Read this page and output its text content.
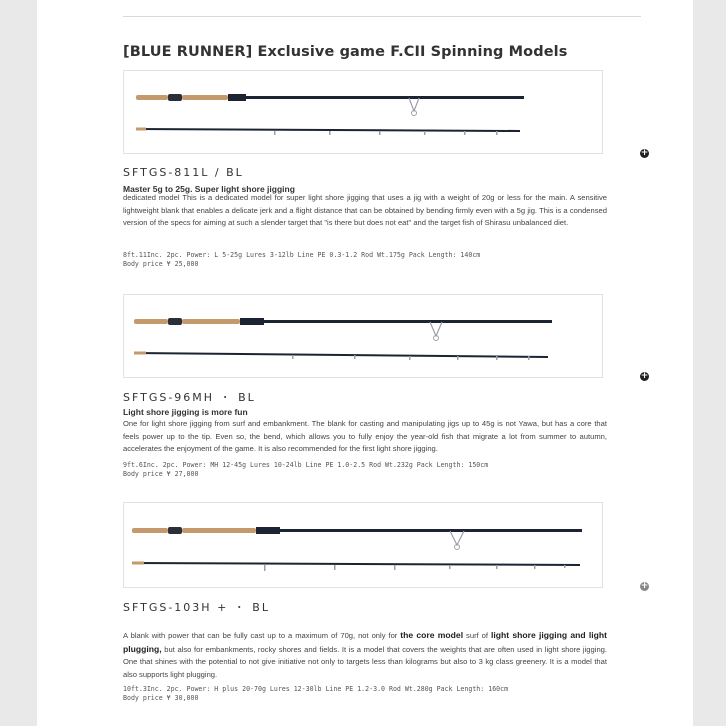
[BLUE RUNNER] Exclusive game F.CII Spinning Models
+
SFTGS-811L / BL
Master 5g to 25g. Super light shore jigging

dedicated model This is a dedicated model for super light shore jigging that uses a jig with a weight of 20g or less for the main. A sensitive lightweight blank that enables a delicate jerk and a flight distance that can be obtained by bending firmly even with a 5g jig. This is a condensed version of the specs for aiming at such a slender target that "is there but does not eat" and the target fish of Shirasu unbalanced diet.

8ft.11Inc. 2pc. Power: L 5-25g Lures 3-12lb Line PE 0.3-1.2 Rod Wt.175g Pack Length: 140cm
Body price ¥ 25,000
+
SFTGS-96MH ・ BL
Light shore jigging is more fun

One for light shore jigging from surf and embankment. The blank for casting and manipulating jigs up to 45g is not Yawa, but has a core that feels power up to the tip. Even so, the bend, which allows you to fully enjoy the year-old fish that migrate a lot from summer to autumn, accelerates the enjoyment of the game. It is also recommended for the first light shore jigging.

9ft.6Inc. 2pc. Power: MH 12-45g Lures 10-24lb Line PE 1.0-2.5 Rod Wt.232g Pack Length: 150cm
Body price ¥ 27,000
+
SFTGS-103H + ・ BL

A blank with power that can be fully cast up to a maximum of 70g, not only for the core model surf of light shore jigging and light plugging, but also for embankments, rocky shores and fields. It is a model that covers the weights that are often used in light shore jigging. One that shines with the potential to not give initiative not only to targets less than kilograms but also to 3 kg class greenery. It is a model that also supports light plugging.

10ft.3Inc. 2pc. Power: H plus 20-70g Lures 12-30lb Line PE 1.2-3.0 Rod Wt.280g Pack Length: 160cm
Body price ¥ 30,000
